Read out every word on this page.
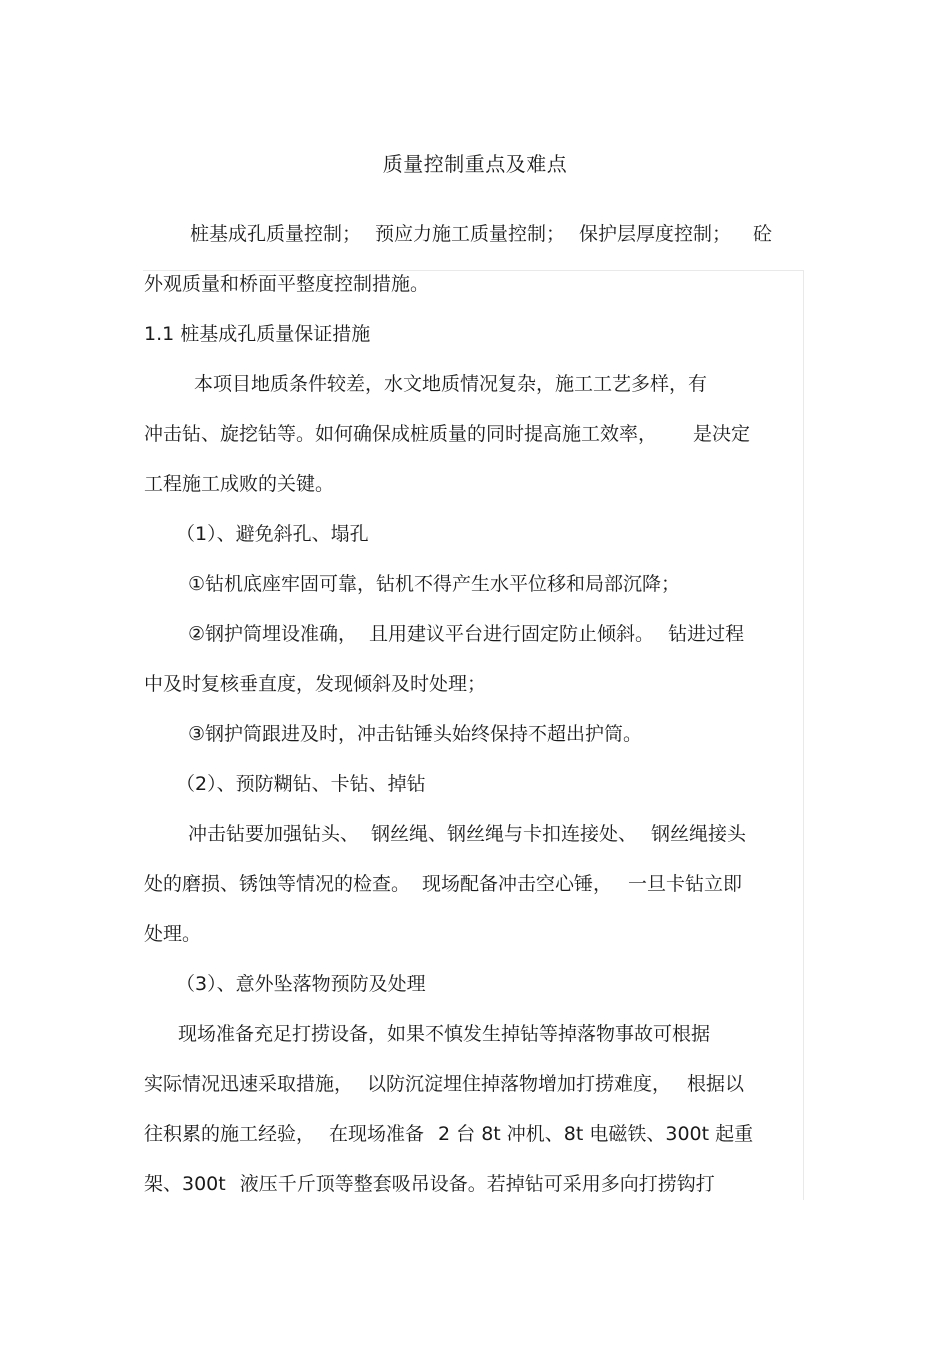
质量控制重点及难点
桩基成孔质量控制； 预应力施工质量控制； 保护层厚度控制； 砼
外观质量和桥面平整度控制措施。
1.1 桩基成孔质量保证措施
本项目地质条件较差，水文地质情况复杂，施工工艺多样，有
冲击钻、旋挖钻等。如何确保成桩质量的同时提高施工效率， 是决定
工程施工成败的关键。
（1）、避免斜孔、塌孔
①钻机底座牢固可靠，钻机不得产生水平位移和局部沉降；
②钢护筒埋设准确， 且用建议平台进行固定防止倾斜。 钻进过程
中及时复核垂直度，发现倾斜及时处理；
③钢护筒跟进及时，冲击钻锤头始终保持不超出护筒。
（2）、预防糊钻、卡钻、掉钻
冲击钻要加强钻头、 钢丝绳、钢丝绳与卡扣连接处、 钢丝绳接头
处的磨损、锈蚀等情况的检查。 现场配备冲击空心锤， 一旦卡钻立即
处理。
（3）、意外坠落物预防及处理
现场准备充足打捞设备，如果不慎发生掉钻等掉落物事故可根据
实际情况迅速采取措施， 以防沉淀埋住掉落物增加打捞难度， 根据以
往积累的施工经验， 在现场准备 2 台 8t 冲机、8t 电磁铁、300t 起重
架、300t 液压千斤顶等整套吸吊设备。若掉钻可采用多向打捞钩打
